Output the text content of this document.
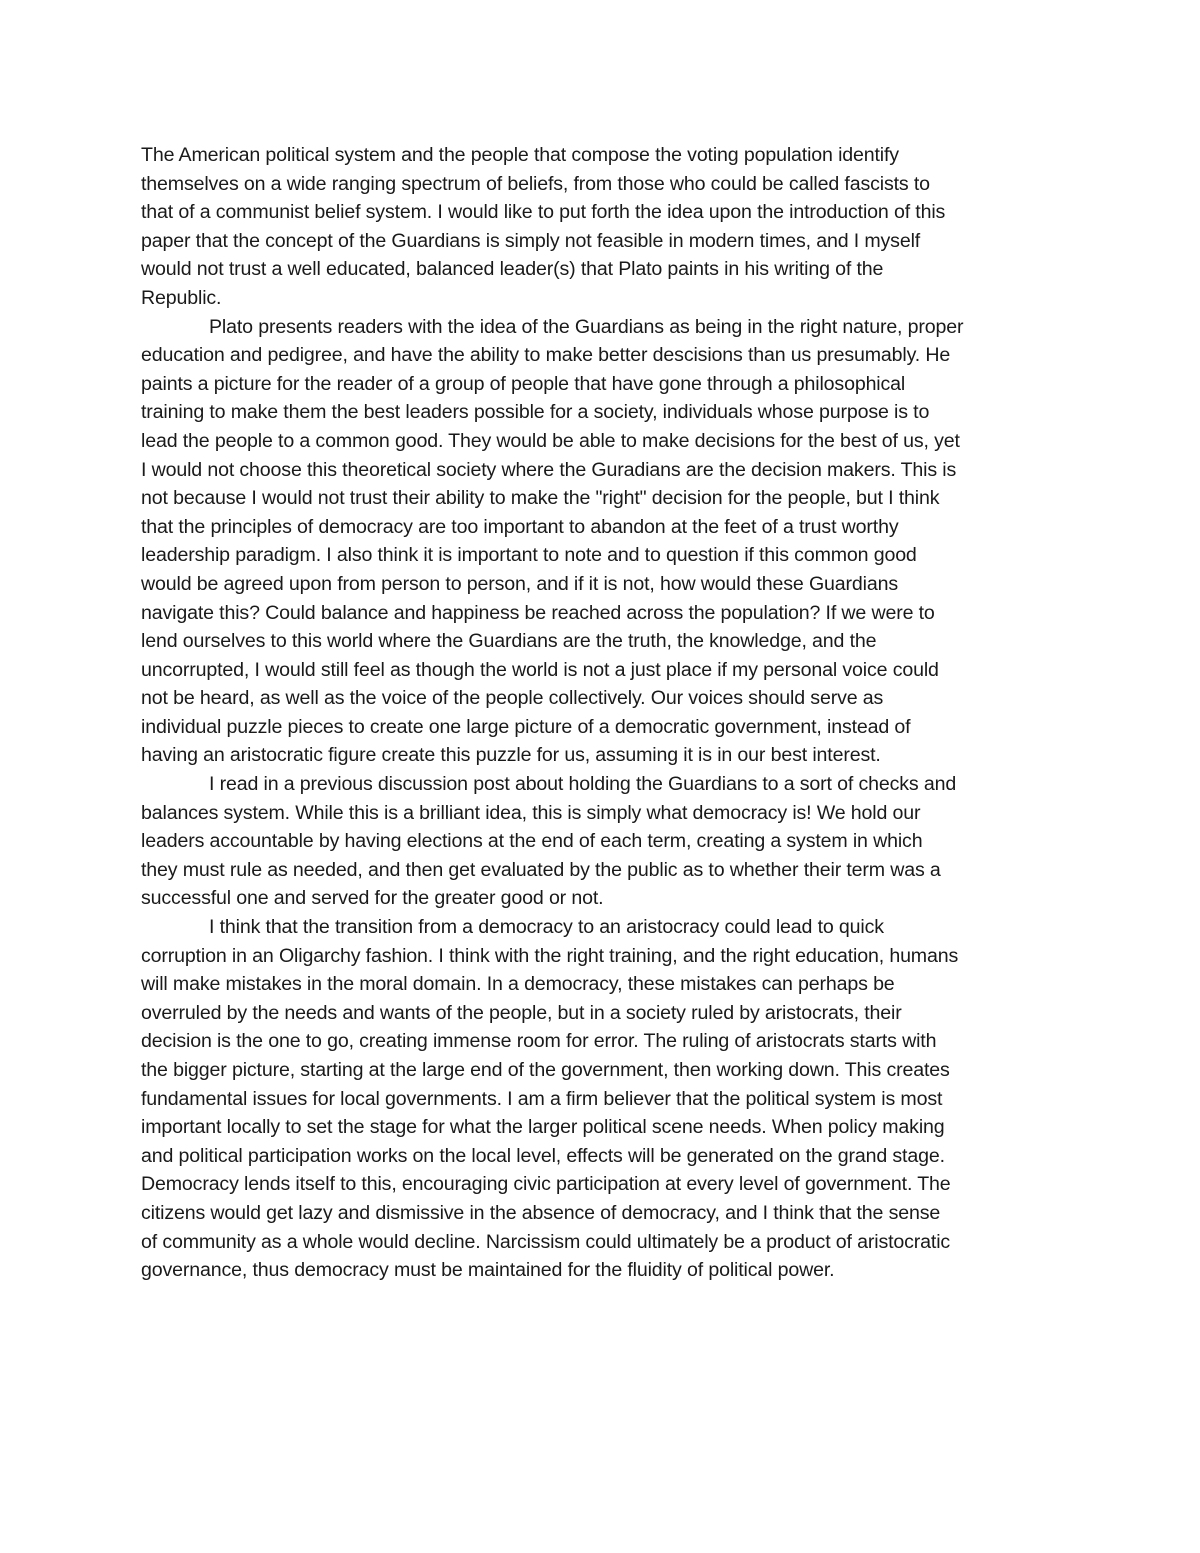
The American political system and the people that compose the voting population identify
themselves on a wide ranging spectrum of beliefs, from those who could be called fascists to
that of a communist belief system. I would like to put forth the idea upon the introduction of this
paper that the concept of the Guardians is simply not feasible in modern times, and I myself
would not trust a well educated, balanced leader(s) that Plato paints in his writing of the
Republic.
Plato presents readers with the idea of the Guardians as being in the right nature, proper
education and pedigree, and have the ability to make better descisions than us presumably. He
paints a picture for the reader of a group of people that have gone through a philosophical
training to make them the best leaders possible for a society, individuals whose purpose is to
lead the people to a common good. They would be able to make decisions for the best of us, yet
I would not choose this theoretical society where the Guradians are the decision makers. This is
not because I would not trust their ability to make the "right" decision for the people, but I think
that the principles of democracy are too important to abandon at the feet of a trust worthy
leadership paradigm. I also think it is important to note and to question if this common good
would be agreed upon from person to person, and if it is not, how would these Guardians
navigate this? Could balance and happiness be reached across the population? If we were to
lend ourselves to this world where the Guardians are the truth, the knowledge, and the
uncorrupted, I would still feel as though the world is not a just place if my personal voice could
not be heard, as well as the voice of the people collectively. Our voices should serve as
individual puzzle pieces to create one large picture of a democratic government, instead of
having an aristocratic figure create this puzzle for us, assuming it is in our best interest.
I read in a previous discussion post about holding the Guardians to a sort of checks and
balances system. While this is a brilliant idea, this is simply what democracy is! We hold our
leaders accountable by having elections at the end of each term, creating a system in which
they must rule as needed, and then get evaluated by the public as to whether their term was a
successful one and served for the greater good or not.
I think that the transition from a democracy to an aristocracy could lead to quick
corruption in an Oligarchy fashion. I think with the right training, and the right education, humans
will make mistakes in the moral domain. In a democracy, these mistakes can perhaps be
overruled by the needs and wants of the people, but in a society ruled by aristocrats, their
decision is the one to go, creating immense room for error. The ruling of aristocrats starts with
the bigger picture, starting at the large end of the government, then working down. This creates
fundamental issues for local governments. I am a firm believer that the political system is most
important locally to set the stage for what the larger political scene needs. When policy making
and political participation works on the local level, effects will be generated on the grand stage.
Democracy lends itself to this, encouraging civic participation at every level of government. The
citizens would get lazy and dismissive in the absence of democracy, and I think that the sense
of community as a whole would decline. Narcissism could ultimately be a product of aristocratic
governance, thus democracy must be maintained for the fluidity of political power.
